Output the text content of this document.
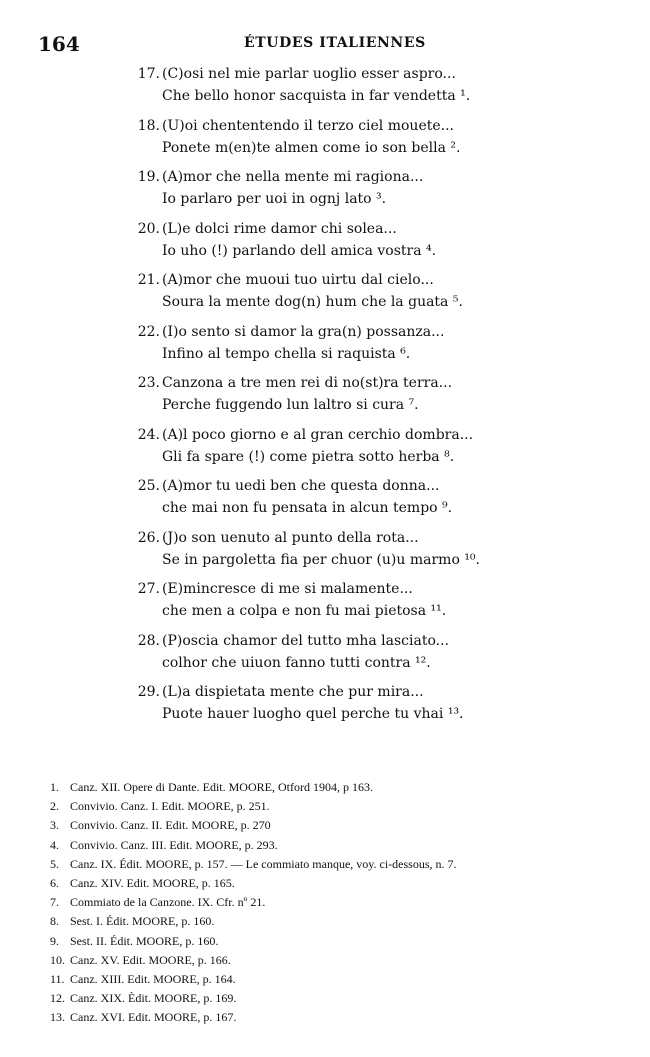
164	ÉTUDES ITALIENNES
17. (C)osi nel mie parlar uoglio esser aspro...
Che bello honor sacquista in far vendetta ¹.
18. (U)oi chententendo il terzo ciel mouete...
Ponete m(en)te almen come io son bella ².
19. (A)mor che nella mente mi ragiona...
Io parlaro per uoi in ognj lato ³.
20. (L)e dolci rime damor chi solea...
Io uho (!) parlando dell amica vostra ⁴.
21. (A)mor che muoui tuo uirtu dal cielo...
Soura la mente dog(n) hum che la guata ⁵.
22. (I)o sento si damor la gra(n) possanza...
Infino al tempo chella si raquista ⁶.
23. Canzona a tre men rei di no(st)ra terra...
Perche fuggendo lun laltro si cura ⁷.
24. (A)l poco giorno e al gran cerchio dombra...
Gli fa spare (!) come pietra sotto herba ⁸.
25. (A)mor tu uedi ben che questa donna...
che mai non fu pensata in alcun tempo ⁹.
26. (J)o son uenuto al punto della rota...
Se in pargoletta fia per chuor (u)u marmo ¹⁰.
27. (E)mincresce di me si malamente...
che men a colpa e non fu mai pietosa ¹¹.
28. (P)oscia chamor del tutto mha lasciato...
colhor che uiuon fanno tutti contra ¹².
29. (L)a dispietata mente che pur mira...
Puote hauer luogho quel perche tu vhai ¹³.
1. Canz. XII. Opere di Dante. Edit. MOORE, Otford 1904, p 163.
2. Convivio. Canz. I. Edit. MOORE, p. 251.
3. Convivio. Canz. II. Edit. MOORE, p. 270
4. Convivio. Canz. III. Edit. MOORE, p. 293.
5. Canz. IX. Édit. MOORE, p. 157. — Le commiato manque, voy. ci-dessous, n. 7.
6. Canz. XIV. Edit. MOORE, p. 165.
7. Commiato de la Canzone. IX. Cfr. nº 21.
8. Sest. I. Édit. MOORE, p. 160.
9. Sest. II. Édit. MOORE, p. 160.
10. Canz. XV. Edit. MOORE, p. 166.
11. Canz. XIII. Edit. MOORE, p. 164.
12. Canz. XIX. Èdit. MOORE, p. 169.
13. Canz. XVI. Edit. MOORE, p. 167.
